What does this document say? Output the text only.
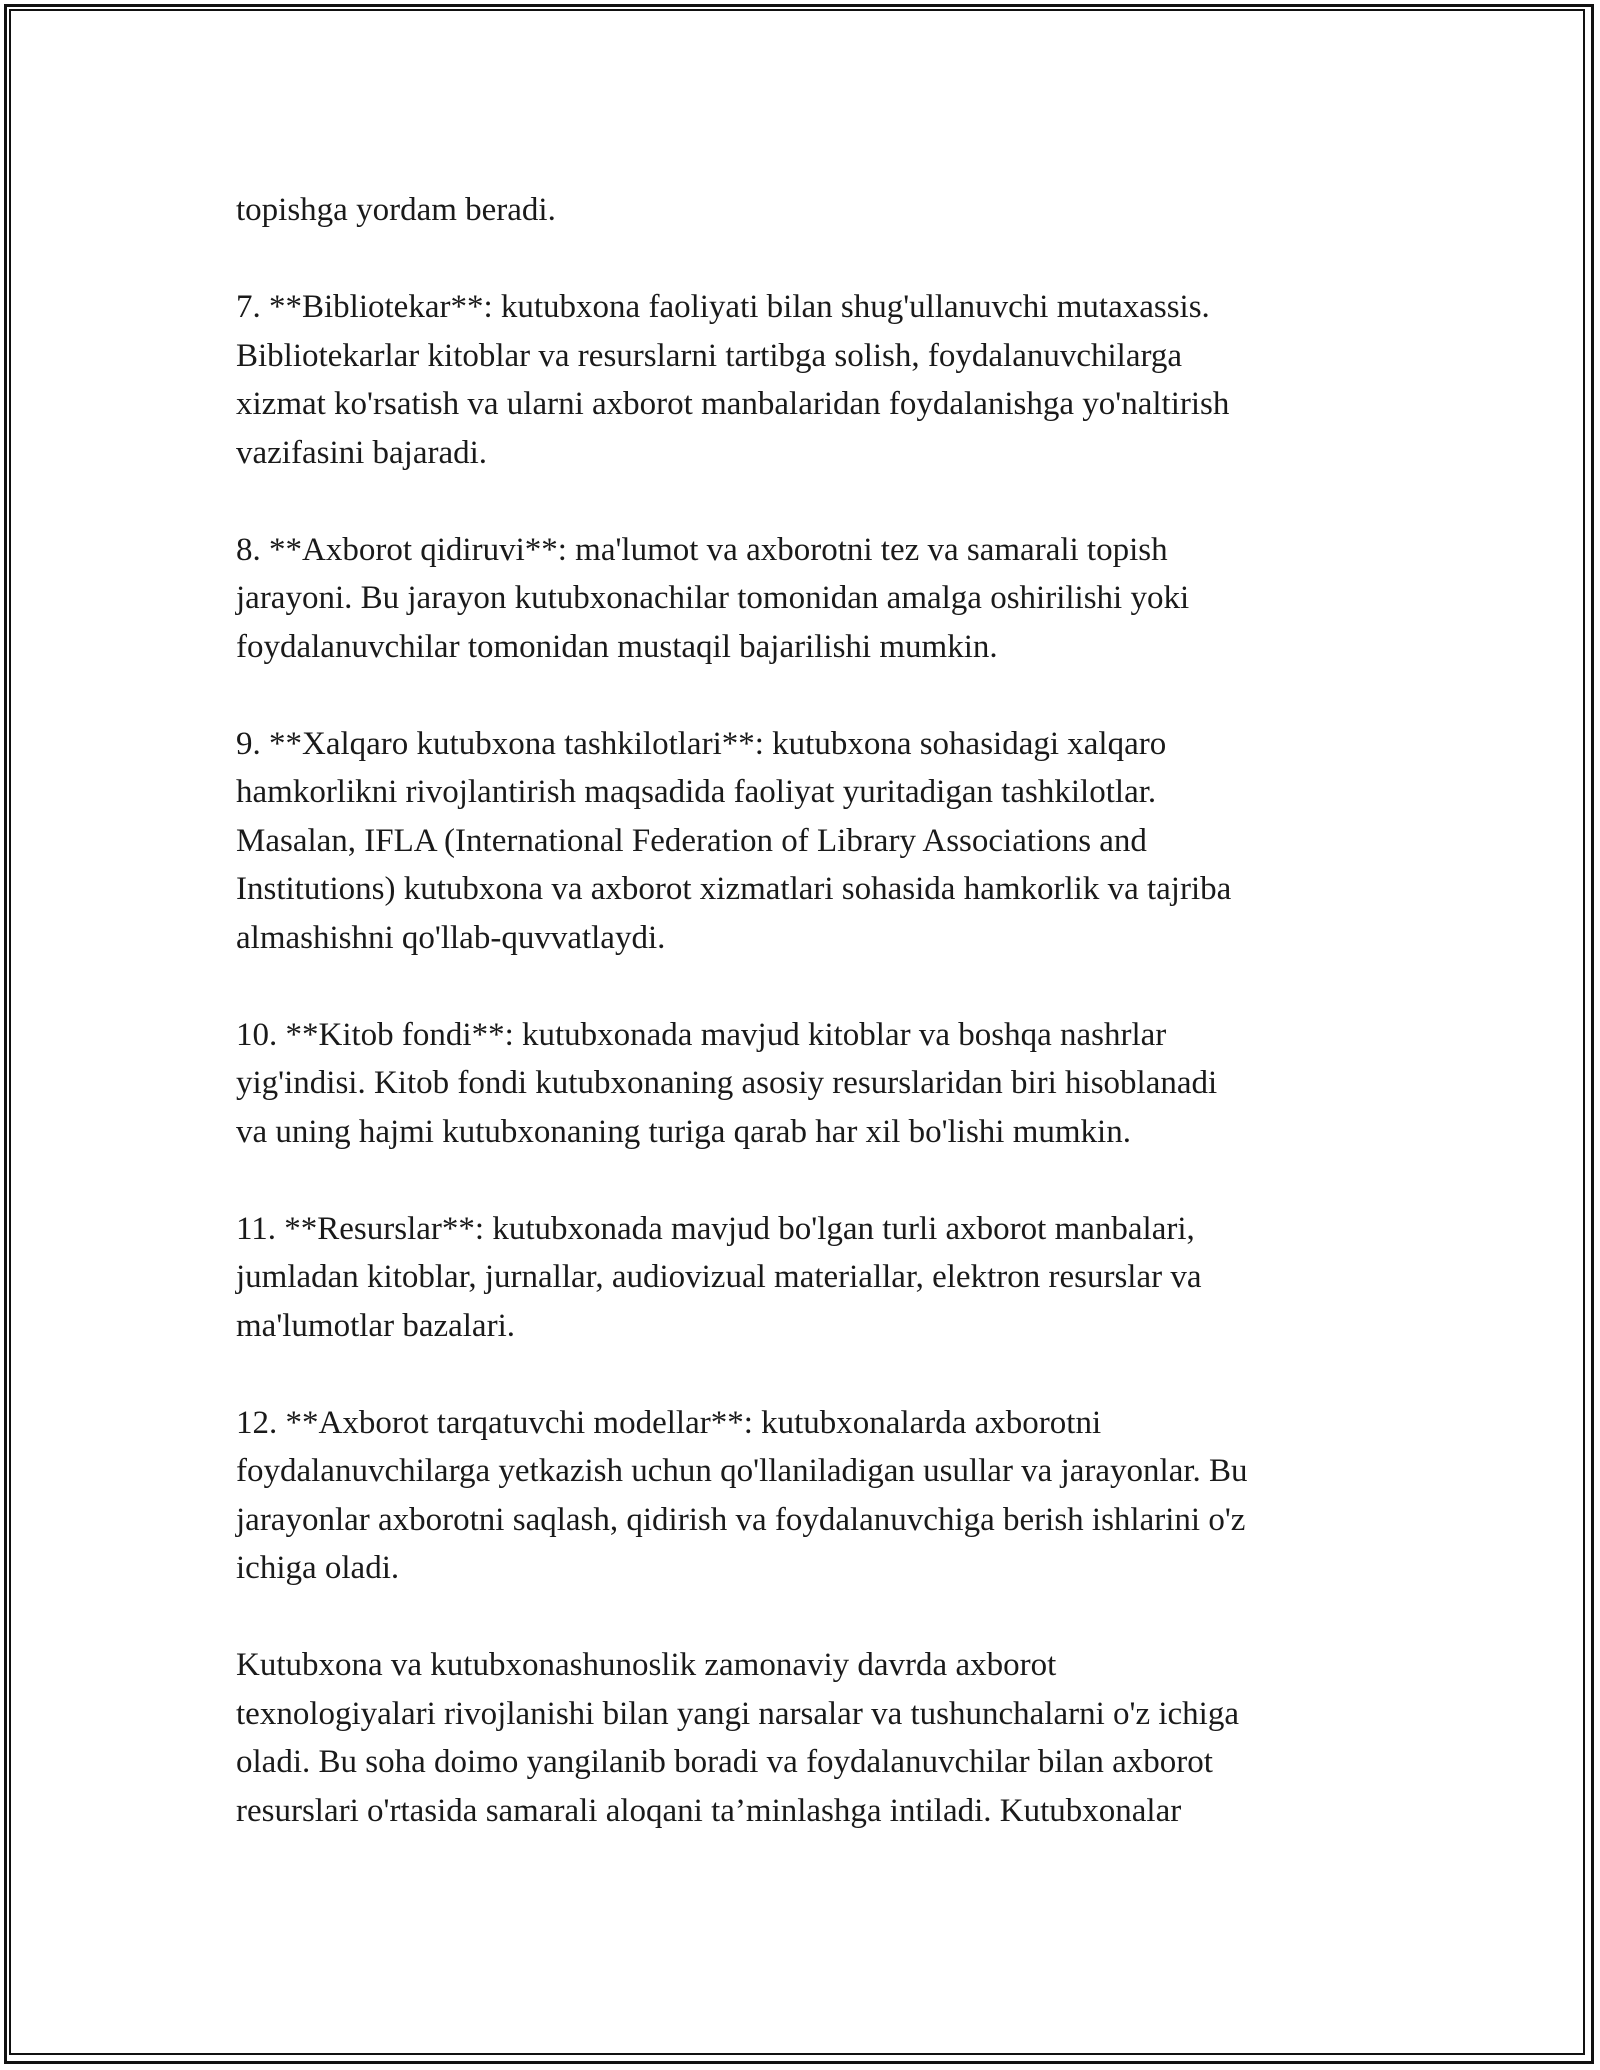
topishga yordam beradi.

7. **Bibliotekar**: kutubxona faoliyati bilan shug'ullanuvchi mutaxassis.
Bibliotekarlar kitoblar va resurslarni tartibga solish, foydalanuvchilarga
xizmat ko'rsatish va ularni axborot manbalaridan foydalanishga yo'naltirish
vazifasini bajaradi.

8. **Axborot qidiruvi**: ma'lumot va axborotni tez va samarali topish
jarayoni. Bu jarayon kutubxonachilar tomonidan amalga oshirilishi yoki
foydalanuvchilar tomonidan mustaqil bajarilishi mumkin.

9. **Xalqaro kutubxona tashkilotlari**: kutubxona sohasidagi xalqaro
hamkorlikni rivojlantirish maqsadida faoliyat yuritadigan tashkilotlar.
Masalan, IFLA (International Federation of Library Associations and
Institutions) kutubxona va axborot xizmatlari sohasida hamkorlik va tajriba
almashishni qo'llab-quvvatlaydi.

10. **Kitob fondi**: kutubxonada mavjud kitoblar va boshqa nashrlar
yig'indisi. Kitob fondi kutubxonaning asosiy resurslaridan biri hisoblanadi
va uning hajmi kutubxonaning turiga qarab har xil bo'lishi mumkin.

11. **Resurslar**: kutubxonada mavjud bo'lgan turli axborot manbalari,
jumladan kitoblar, jurnallar, audiovizual materiallar, elektron resurslar va
ma'lumotlar bazalari.

12. **Axborot tarqatuvchi modellar**: kutubxonalarda axborotni
foydalanuvchilarga yetkazish uchun qo'llaniladigan usullar va jarayonlar. Bu
jarayonlar axborotni saqlash, qidirish va foydalanuvchiga berish ishlarini o'z
ichiga oladi.

Kutubxona va kutubxonashunoslik zamonaviy davrda axborot
texnologiyalari rivojlanishi bilan yangi narsalar va tushunchalarni o'z ichiga
oladi. Bu soha doimo yangilanib boradi va foydalanuvchilar bilan axborot
resurslari o'rtasida samarali aloqani ta’minlashga intiladi. Kutubxonalar
